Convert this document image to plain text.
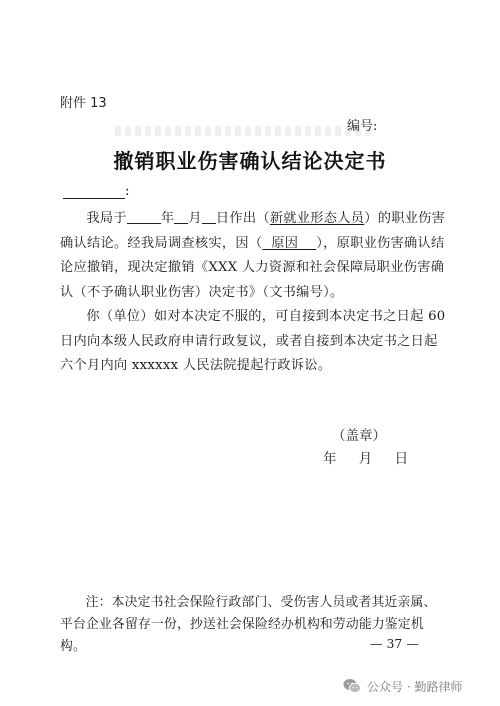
附件 13
编号:
撤销职业伤害确认结论决定书
:

我局于	年 月 日作出（新就业形态人员）的职业伤害确认结论。经我局调查核实，因（ 原因 ），原职业伤害确认结论应撤销，现决定撤销《XXX 人力资源和社会保障局职业伤害确认（不予确认职业伤害）决定书》（文书编号）。

你（单位）如对本决定不服的，可自接到本决定书之日起 60 日内向本级人民政府申请行政复议，或者自接到本决定书之日起六个月内向 xxxxxx 人民法院提起行政诉讼。

（盖章）
年 月 日

注：本决定书社会保险行政部门、受伤害人员或者其近亲属、平台企业各留存一份，抄送社会保险经办机构和劳动能力鉴定机构。	— 37 —
公众号 · 勤路律师
